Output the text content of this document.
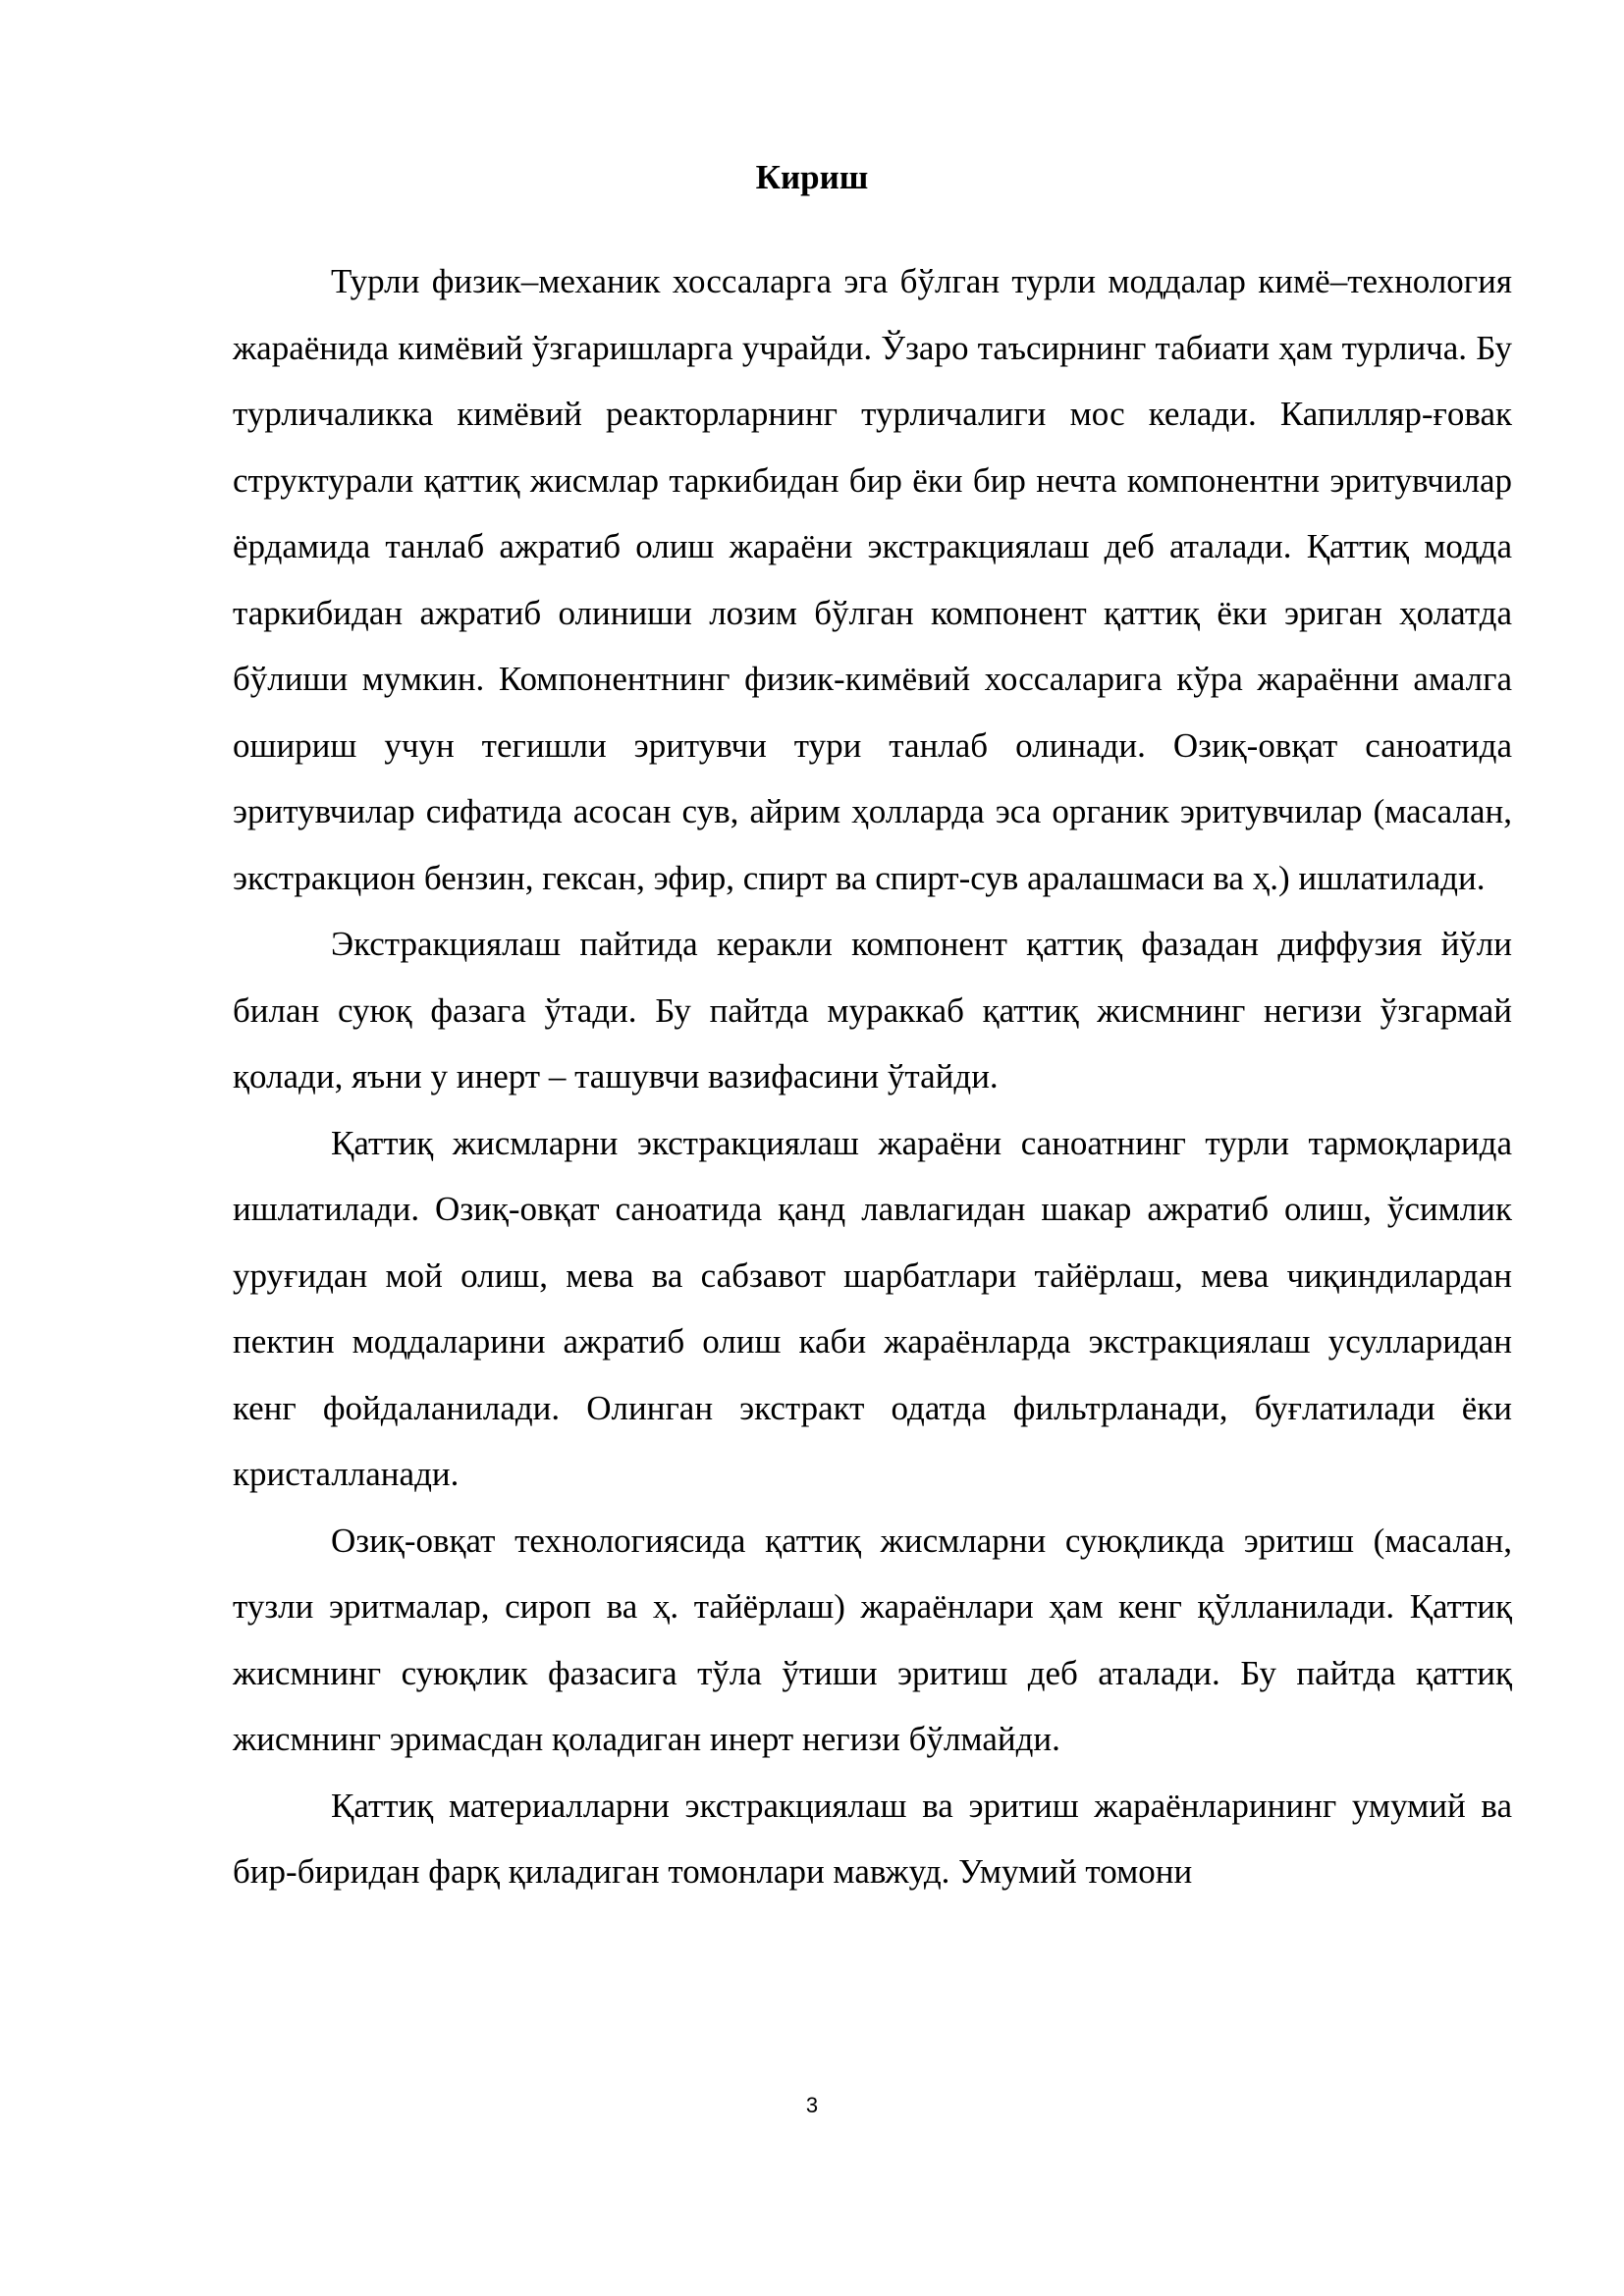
Кириш

Турли физик–механик хоссаларга эга бўлган турли моддалар кимё–технология жараёнида кимёвий ўзгаришларга учрайди. Ўзаро таъсирнинг табиати ҳам турлича. Бу турличаликка кимёвий реакторларнинг турличалиги мос келади. Капилляр-ғовак структурали қаттиқ жисмлар таркибидан бир ёки бир нечта компонентни эритувчилар ёрдамида танлаб ажратиб олиш жараёни экстракциялаш деб аталади. Қаттиқ модда таркибидан ажратиб олиниши лозим бўлган компонент қаттиқ ёки эриган ҳолатда бўлиши мумкин. Компонентнинг физик-кимёвий хоссаларига кўра жараённи амалга ошириш учун тегишли эритувчи тури танлаб олинади. Озиқ-овқат саноатида эритувчилар сифатида асосан сув, айрим ҳолларда эса органик эритувчилар (масалан, экстракцион бензин, гексан, эфир, спирт ва спирт-сув аралашмаси ва ҳ.) ишлатилади.

Экстракциялаш пайтида керакли компонент қаттиқ фазадан диффузия йўли билан суюқ фазага ўтади. Бу пайтда мураккаб қаттиқ жисмнинг негизи ўзгармай қолади, яъни у инерт – ташувчи вазифасини ўтайди.

Қаттиқ жисмларни экстракциялаш жараёни саноатнинг турли тармоқларида ишлатилади. Озиқ-овқат саноатида қанд лавлагидан шакар ажратиб олиш, ўсимлик уруғидан мой олиш, мева ва сабзавот шарбатлари тайёрлаш, мева чиқиндилардан пектин моддаларини ажратиб олиш каби жараёнларда экстракциялаш усулларидан кенг фойдаланилади. Олинган экстракт одатда фильтрланади, буғлатилади ёки кристалланади.

Озиқ-овқат технологиясида қаттиқ жисмларни суюқликда эритиш (масалан, тузли эритмалар, сироп ва ҳ. тайёрлаш) жараёнлари ҳам кенг қўлланилади. Қаттиқ жисмнинг суюқлик фазасига тўла ўтиши эритиш деб аталади. Бу пайтда қаттиқ жисмнинг эримасдан қоладиган инерт негизи бўлмайди.

Қаттиқ материалларни экстракциялаш ва эритиш жараёнларининг умумий ва бир-биридан фарқ қиладиган томонлари мавжуд. Умумий томони

3
